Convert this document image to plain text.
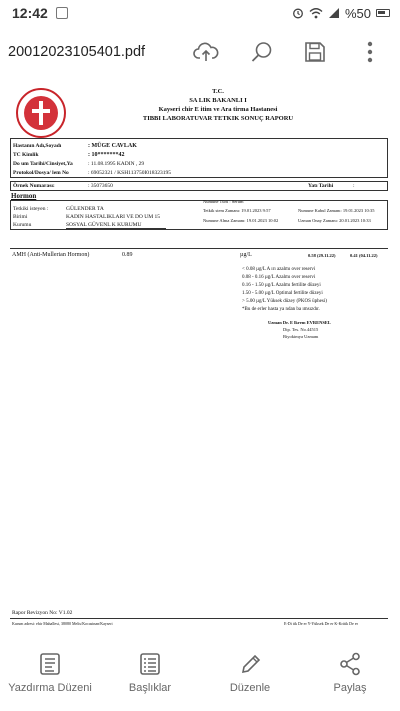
12:42	%50
20012023105401.pdf
T.C.
SA LIK BAKANLI I
Kayseri chir E itim ve Ara tirma Hastanesi
TIBBI LABORATUVAR TETKIK SONUÇ RAPORU
Hastanın Adı,Soyadı	: MÜGE CAVLAK
TC Kimlik	: 10*******42
Do um Tarihi/Cinsiyet,Ya	: 11.08.1995 KADIN , 29
Protokol/Dosya/ lem No	: 69052321 / KSH113750I018323195
Örnek Numarası:	: 35073650	Yatı Tarihi	:
Hormon
Tetkiki isteyen :	GÜLENDER TA
Birimi	KADIN HASTALIKLARI VE DO UM 15
Kurumu	SOSYAL GÜVENL K KURUMU
Numune Türü : Serum
Tetkik stem Zamanı: 19.01.2023 9:57	Numune Kabul Zamanı: 19.01.2023 10:35
Numune Alma Zamanı: 19.01.2023 10:02	Uzman Onay Zamanı: 20.01.2023 10:33
AMH (Anti-Mullerian Hormon)	0.89	µg/L	0.58 (29.11.22)	0.41 (04.11.22)
< 0.08 µg/L A ırı azalmı over reservi
0.08 - 0.16 µg/L Azalmı over reservi
0.16 - 1.50 µg/L Azalmı fertilite düzeyi
1.50 - 5.00 µg/L Optimal fertilite düzeyi
> 5.00 µg/L Yüksek düzey (PKOS üphesi)
*Bu de erler hasta ya ndan ba ımsızdır.
Uzman Dr. E lkrem EVRENSEL
Dip. Tes. No.44515
Biyokimya Uzmanı
Rapor Revizyon No: V1.02
Kurum adresi: ehir Mahallesi, 38080 Melis/Kocasinan/Kayseri	E-Di tik De er Y-Yüksek De er K-Kritik De er
Yazdırma Düzeni	Başlıklar	Düzenle	Paylaş
